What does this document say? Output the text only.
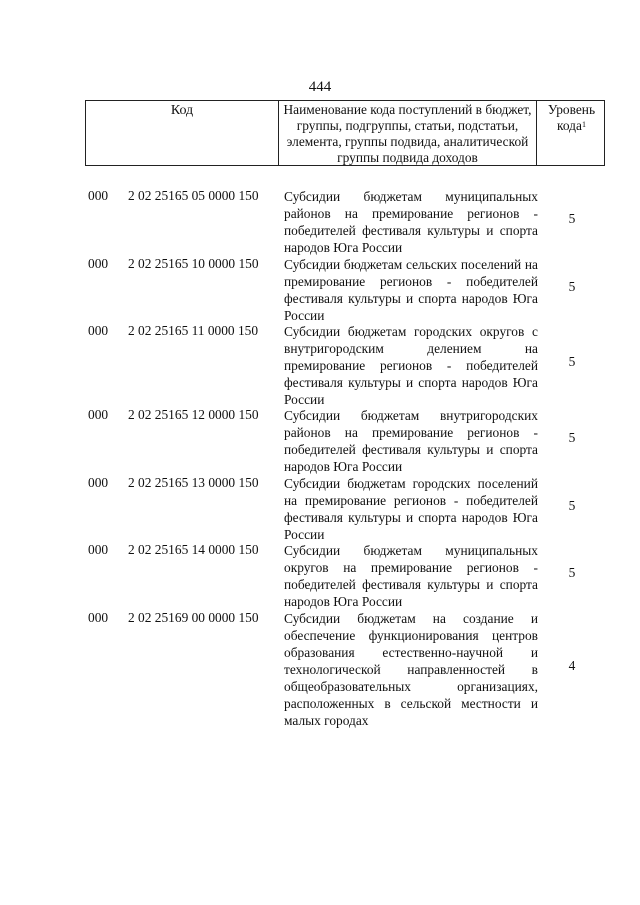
444
Код	Наименование кода поступлений в бюджет, группы, подгруппы, статьи, подстатьи, элемента, группы подвида, аналитической группы подвида доходов
Уровень кода$^1$
000 2 02 25165 05 0000 150 Субсидии бюджетам муниципальных районов на премирование регионов - победителей фестиваля культуры и спорта народов Юга России
5
000 2 02 25165 10 0000 150 Субсидии бюджетам сельских поселений на премирование регионов - победителей фестиваля культуры и спорта народов Юга России
5
000 2 02 25165 11 0000 150 Субсидии бюджетам городских округов с внутригородским делением на премирование регионов - победителей фестиваля культуры и спорта народов Юга России
5
000 2 02 25165 12 0000 150 Субсидии бюджетам внутригородских районов на премирование регионов - победителей фестиваля культуры и спорта народов Юга России
5
000 2 02 25165 13 0000 150 Субсидии бюджетам городских поселений на премирование регионов - победителей фестиваля культуры и спорта народов Юга России
5
000 2 02 25165 14 0000 150 Субсидии бюджетам муниципальных округов на премирование регионов - победителей фестиваля культуры и спорта народов Юга России
5
000 2 02 25169 00 0000 150 Субсидии бюджетам на создание и обеспечение функционирования центров образования естественно-научной и технологической направленностей в общеобразовательных организациях, расположенных в сельской местности и малых городах
4
